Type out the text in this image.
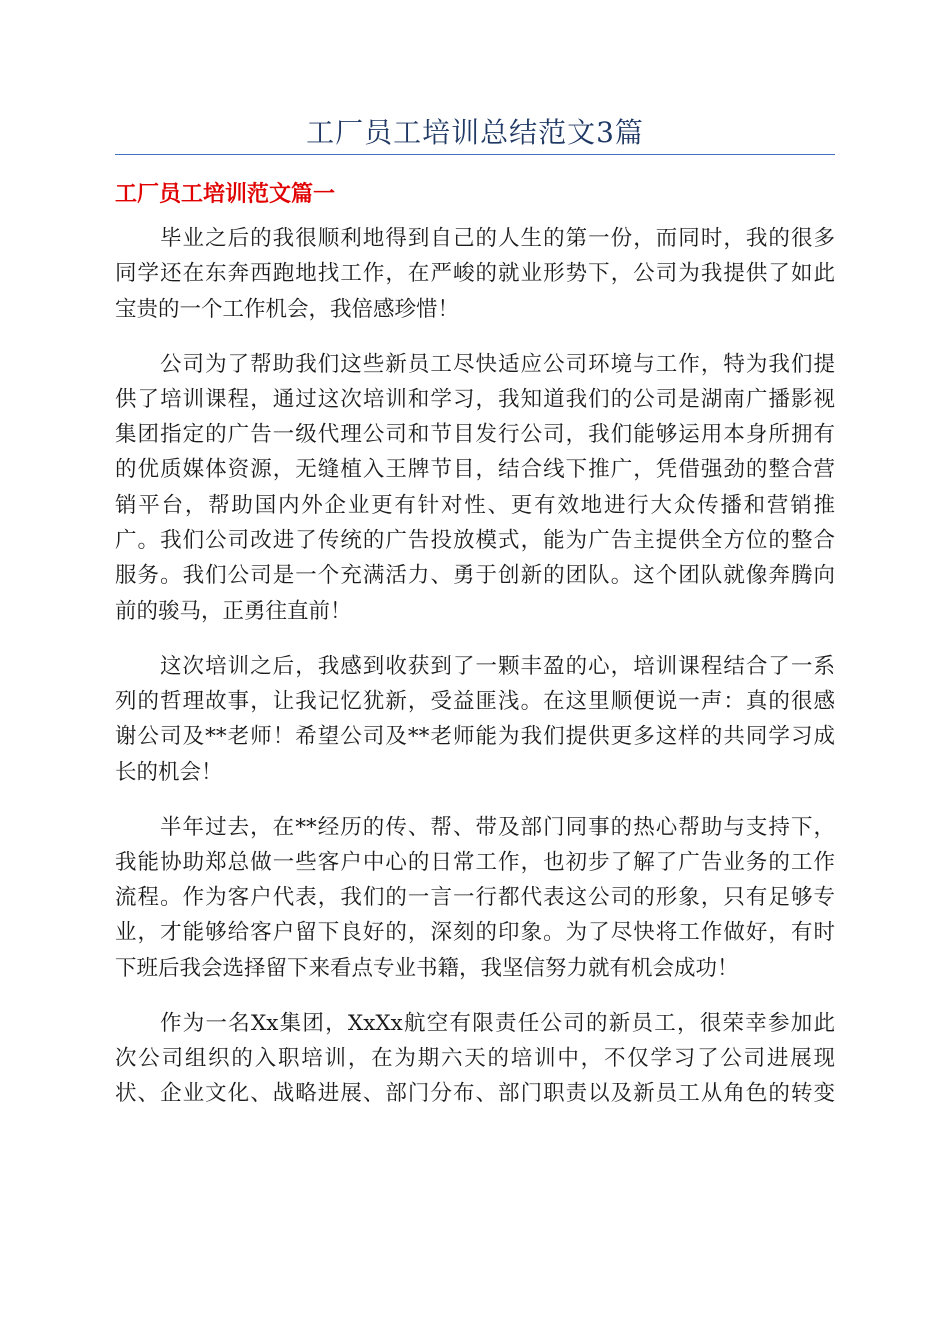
工厂员工培训总结范文3篇
工厂员工培训范文篇一
毕业之后的我很顺利地得到自己的人生的第一份，而同时，我的很多
同学还在东奔西跑地找工作，在严峻的就业形势下，公司为我提供了如此
宝贵的一个工作机会，我倍感珍惜！
公司为了帮助我们这些新员工尽快适应公司环境与工作，特为我们提
供了培训课程，通过这次培训和学习，我知道我们的公司是湖南广播影视
集团指定的广告一级代理公司和节目发行公司，我们能够运用本身所拥有
的优质媒体资源，无缝植入王牌节目，结合线下推广，凭借强劲的整合营
销平台，帮助国内外企业更有针对性、更有效地进行大众传播和营销推
广。我们公司改进了传统的广告投放模式，能为广告主提供全方位的整合
服务。我们公司是一个充满活力、勇于创新的团队。这个团队就像奔腾向
前的骏马，正勇往直前！
这次培训之后，我感到收获到了一颗丰盈的心，培训课程结合了一系
列的哲理故事，让我记忆犹新，受益匪浅。在这里顺便说一声：真的很感
谢公司及**老师！希望公司及**老师能为我们提供更多这样的共同学习成
长的机会！
半年过去，在**经历的传、帮、带及部门同事的热心帮助与支持下，
我能协助郑总做一些客户中心的日常工作，也初步了解了广告业务的工作
流程。作为客户代表，我们的一言一行都代表这公司的形象，只有足够专
业，才能够给客户留下良好的，深刻的印象。为了尽快将工作做好，有时
下班后我会选择留下来看点专业书籍，我坚信努力就有机会成功！
作为一名Xx集团，XxXx航空有限责任公司的新员工，很荣幸参加此
次公司组织的入职培训，在为期六天的培训中，不仅学习了公司进展现
状、企业文化、战略进展、部门分布、部门职责以及新员工从角色的转变
